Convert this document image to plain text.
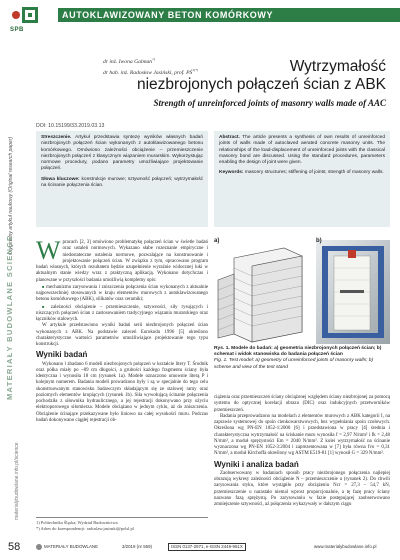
SPB
AUTOKLAWIZOWANY BETON KOMÓRKOWY
Oryginalny artykuł naukowy (Original research paper)
MATERIAŁY BUDOWLANE SCIENCE
materialybudowlane.info.pl/science
dr inż. Iwona Galman$^{1)}$
dr hab. inż. Radosław Jasiński, prof. $PŚ^{1)*)}$	Wytrzymałość
niezbrojonych połączeń ścian z ABK
Strength of unreinforced joints of masonry walls made of AAC
DOI: 10.15199/33.2019.03.13
Streszczenie. Artykuł przedstawia syntezę wyników własnych badań niezbrojonych połączeń ścian wykonanych z autoklawizowanego betonu komórkowego. Omówiono zależności obciążenie – przemieszczenie niezbrojonych połączeń z klasycznym wiązaniem murarskim. Wykorzystując normowe procedury, podano parametry umożliwiające projektowanie połączeń.
Słowa kluczowe: konstrukcje murowe; sztywność połączeń; wytrzymałość na ścinanie połączenia ścian.
Abstract. The article presents a synthesis of own results of unreinforced joints of walls made of autoclaved aerated concrete masonry units. The relationships of the load-displacement of unreinforced joints with the classical masonry bond are discussed. Using the standard procedures, parameters enabling the design of joint were given.
Keywords: masonry structures; stiffening of joints; strength of masonry walls.

Wpracach [2, 3] omówiono problematykę połączeń ścian w świetle badań oraz ustaleń normowych. Wykazano słabe rozeznanie empiryczne i niedostateczne ustalenia normowe, pozwalające na konstruowanie i projektowanie połączeń ścian. W związku z tym, opracowano program badań własnych, których rezultatem będzie uzupełnienie wyraźnie widocznej luki w aktualnym stanie wiedzy wraz z praktyczną aplikacją. Wykonano dotychczas i planowane w przyszłości badania umożliwią kompletny opis:

■ mechanizmu zarysowania i zniszczenia połączenia ścian wykonanych z aktualnie najpowszechniej stosowanych w kraju elementów murowych z autoklawizowanego betonu komórkowego (ABK), silikatów oraz ceramiki;

■ zależności obciążenie – przemieszczenie, sztywności, siły rysujących i niszczących połączeń ścian z zastosowaniem tradycyjnego wiązania murarskiego oraz łączników stalowych.

W artykule przedstawiono wyniki badań serii niezbrojonych połączeń ścian wykonanych z ABK. Na podstawie zaleceń Eurokodu 1996 [5] określono charakterystyczne wartości parametrów umożliwiające projektowanie tego typu konstrukcji.

Wyniki badań

Wykonano i zbadano 6 modeli niezbrojonych połączeń w kształcie litery T. Środnik oraz półka miały po ~89 cm długości, a grubości każdego fragmentu ściany była identyczna i wynosiła 18 cm (rysunek 1a). Modele oznaczono umownie literą P i kolejnym numerem. Badania modeli prowadzono były i są w specjalnie do tego celu skonstruowanym stanowisku badawczym składającym się ze stalowej ramy oraz poziomych elementów kropiących (rysunek 1b). Siła wywołującą ścinanie połączenia pochodziła z siłownika hydraulicznego, a jej rejestracji dokonywano przy użyciu elektroporowego siłomierza. Modele obciążano w jednym cyklu, aż do zniszczenia. Obciążenie ścinające przekazywane było liniowo na całej wysokości muru. Podczas badań dokonywano ciągłej rejestracji ob-

1) Politechnika Śląska; Wydział Budownictwa
*) Adres do korespondencji: radoslaw.jasinski@polsl.pl
a)	b)
Rys. 1. Modele do badań: a) geometria niezbrojonych połączeń ścian; b) schemat i widok stanowiska do badania połączeń ścian
Fig. 1. Test model: a) geometry of unreinforced joints of masonry walls; b) scheme and view of the test stand

ciążenia oraz przemieszczeń ściany obciążonej względem ściany niezbrojonej za pomocą systemu do optycznej korelacji obrazu (DIC) oraz indukcyjnych przetworników przemieszczeń.

Badania przeprowadzono na modelach z elementów murowych z ABK kategorii I, na zaprawie systemowej do spoin cienkowarstwowych, bez wypełniania spoin czołowych. Określona wg PN-EN 1052-1:2000 [6] i przedstawiona w pracy [4] średnia i charakterystyczna wytrzymałość na ściskanie muru wynosiła f = 2,97 N/mm² i fk = 2,48 N/mm², a moduł sprężystości Em = 2040 N/mm². Z kolei wytrzymałość na ścinanie wyznaczona wg PN-EN 1052-3:2004 i zaprezentowana w [7] była równa fvo = 0,31 N/mm², a moduł Kirchoffa określony wg ASTM E519-81 [1] wynosił G = 329 N/mm².

Wyniki i analiza badań

Zaobserwowany w badaniach sposób pracy niezbrojonego połączenia najlepiej obrazują wykresy zależności obciążenie N – przemieszczenie u (rysunek 2). Do chwili zarysowania styku, które wystąpiło przy obciążeniu Ncr = 27,3 – 54,7 kN, przemieszczenie u narastało niemal wprost proporcjonalnie, a tę fazę pracy ściany nazwano fazą sprężystą. Po zarysowaniu w fazie postępującej zaobserwowano zmniejszenie sztywności, aż połączenia wykazywały w dalszym ciągu

58	MATERIAŁY BUDOWLANE	3/2019 (nr 559)	ISSN 0137-2971, e-ISSN 2449-951X	www.materialybudowlane.info.pl
